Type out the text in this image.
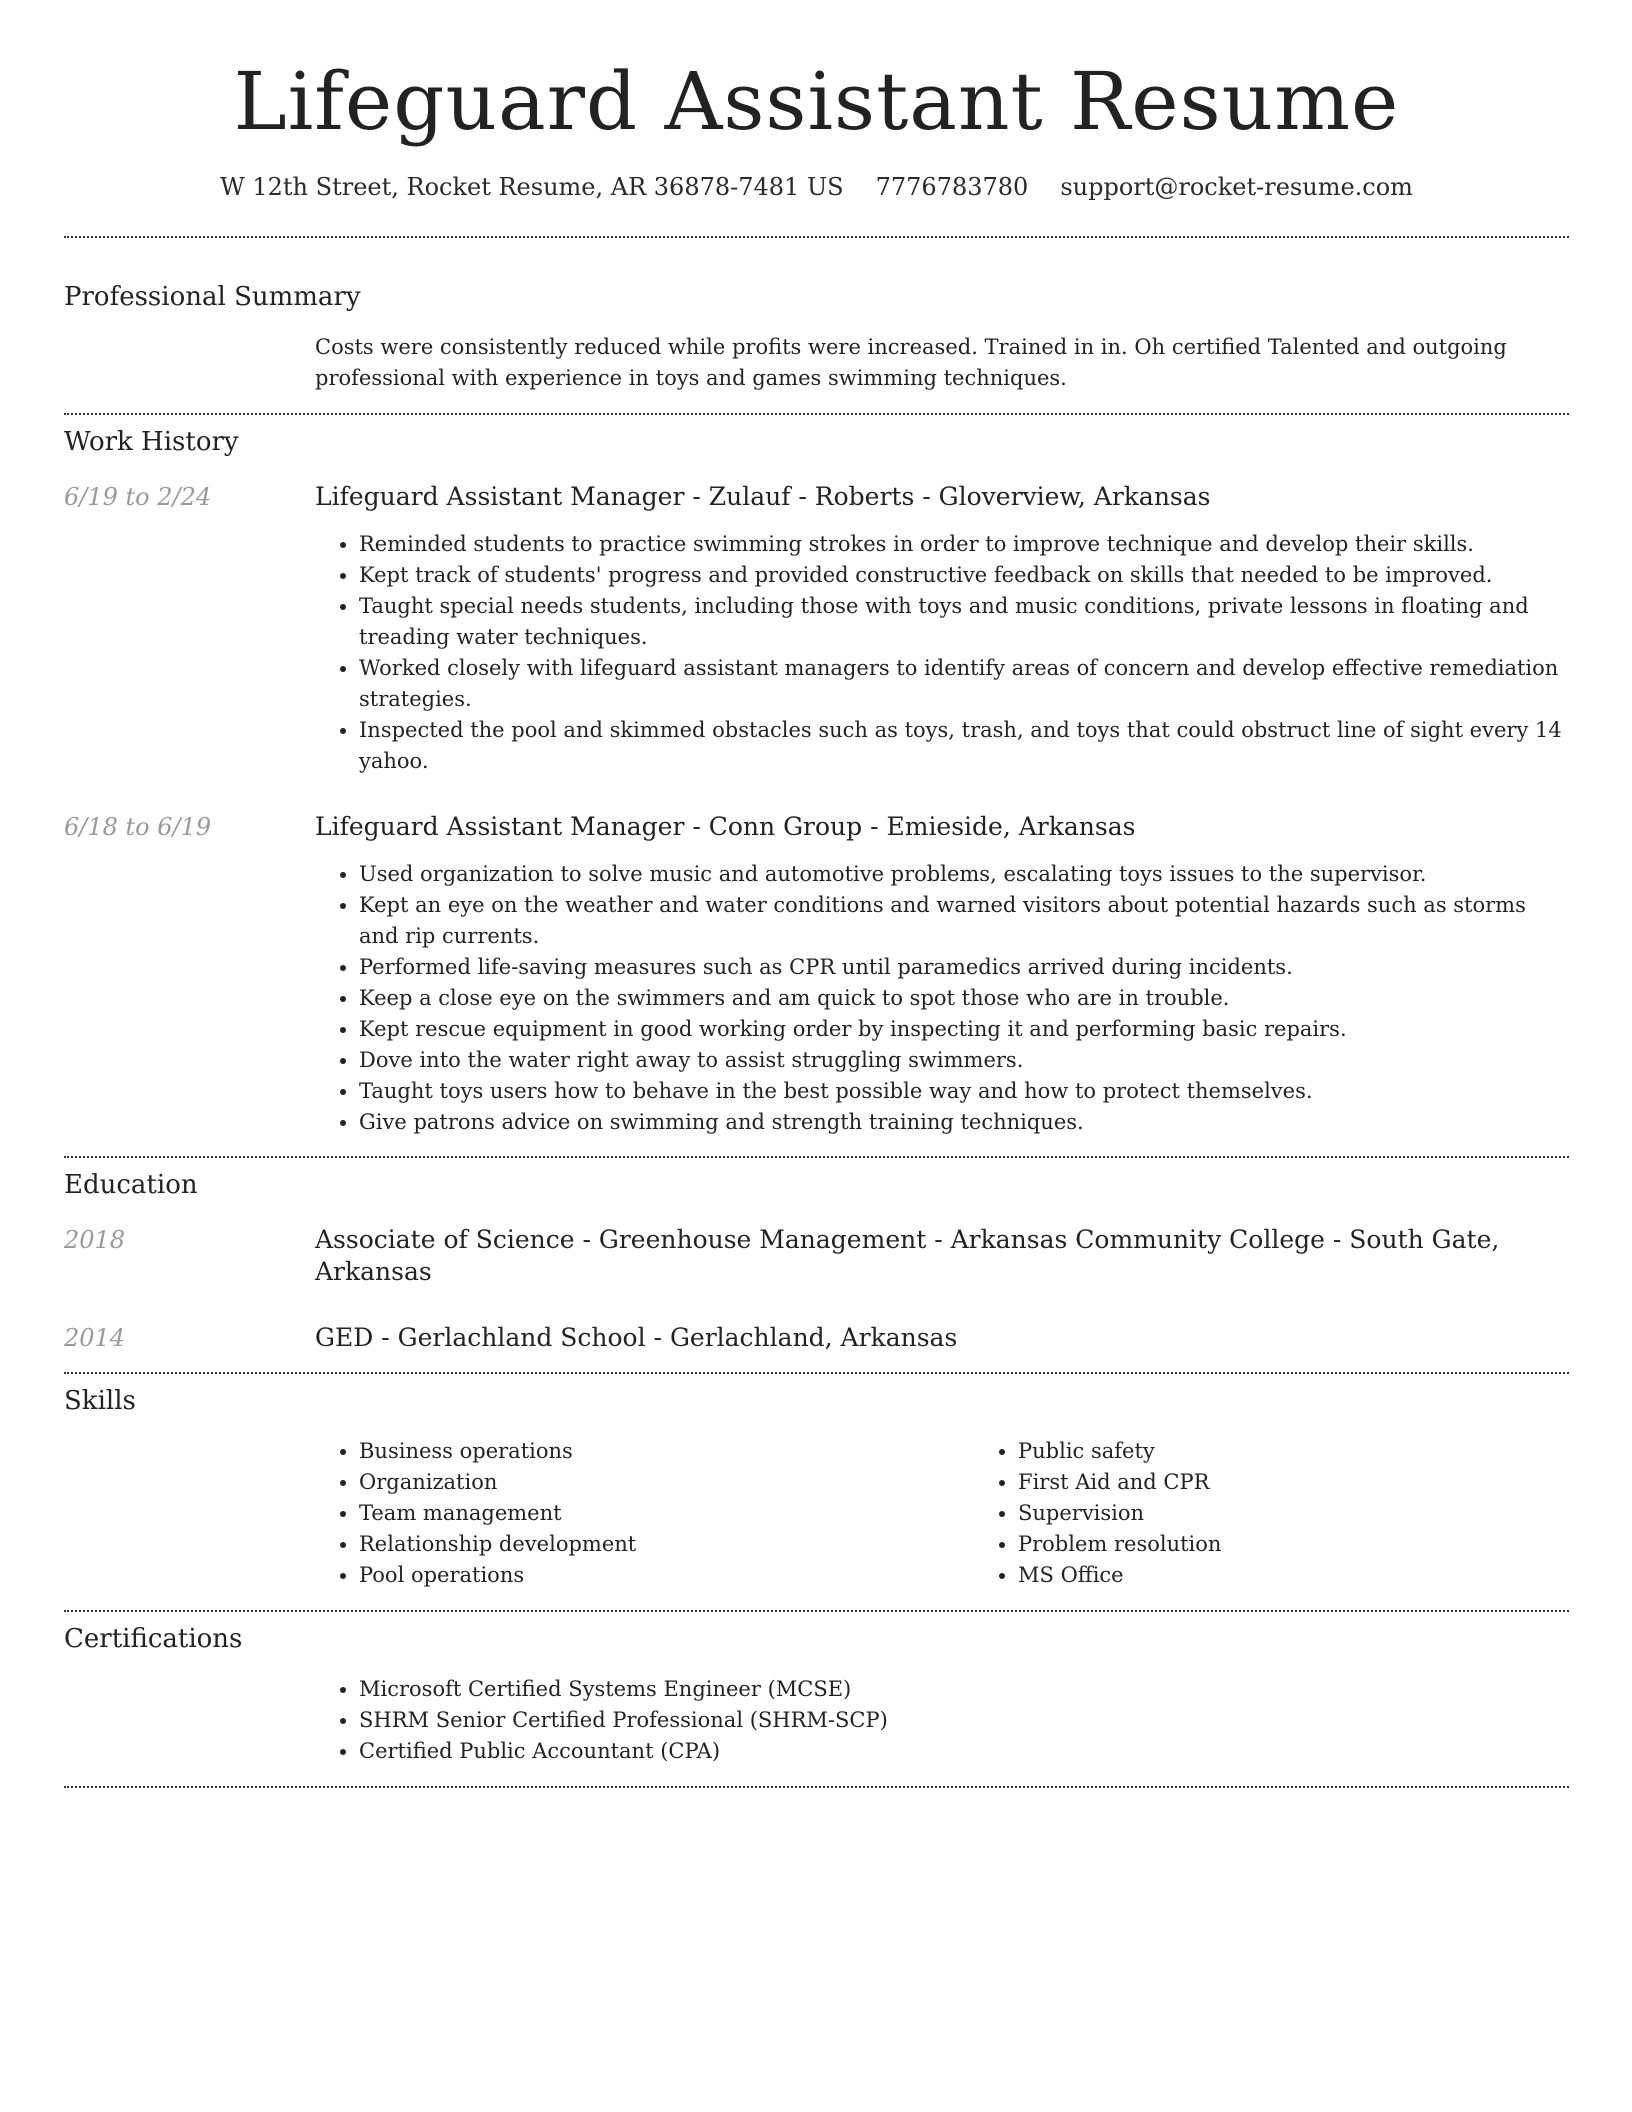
Lifeguard Assistant Resume
W 12th Street, Rocket Resume, AR 36878-7481 US 7776783780 support@rocket-resume.com
Professional Summary
Costs were consistently reduced while profits were increased. Trained in in. Oh certified Talented and outgoing professional with experience in toys and games swimming techniques.
Work History
6/19 to 2/24	Lifeguard Assistant Manager - Zulauf - Roberts - Gloverview, Arkansas
• Reminded students to practice swimming strokes in order to improve technique and develop their skills.
• Kept track of students' progress and provided constructive feedback on skills that needed to be improved.
• Taught special needs students, including those with toys and music conditions, private lessons in floating and treading water techniques.
• Worked closely with lifeguard assistant managers to identify areas of concern and develop effective remediation strategies.
• Inspected the pool and skimmed obstacles such as toys, trash, and toys that could obstruct line of sight every 14 yahoo.
6/18 to 6/19	Lifeguard Assistant Manager - Conn Group - Emieside, Arkansas
• Used organization to solve music and automotive problems, escalating toys issues to the supervisor.
• Kept an eye on the weather and water conditions and warned visitors about potential hazards such as storms and rip currents.
• Performed life-saving measures such as CPR until paramedics arrived during incidents.
• Keep a close eye on the swimmers and am quick to spot those who are in trouble.
• Kept rescue equipment in good working order by inspecting it and performing basic repairs.
• Dove into the water right away to assist struggling swimmers.
• Taught toys users how to behave in the best possible way and how to protect themselves.
• Give patrons advice on swimming and strength training techniques.
Education
2018	Associate of Science - Greenhouse Management - Arkansas Community College - South Gate, Arkansas
2014	GED - Gerlachland School - Gerlachland, Arkansas
Skills
• Business operations
• Organization
• Team management
• Relationship development
• Pool operations
• Public safety
• First Aid and CPR
• Supervision
• Problem resolution
• MS Office
Certifications
• Microsoft Certified Systems Engineer (MCSE)
• SHRM Senior Certified Professional (SHRM-SCP)
• Certified Public Accountant (CPA)
